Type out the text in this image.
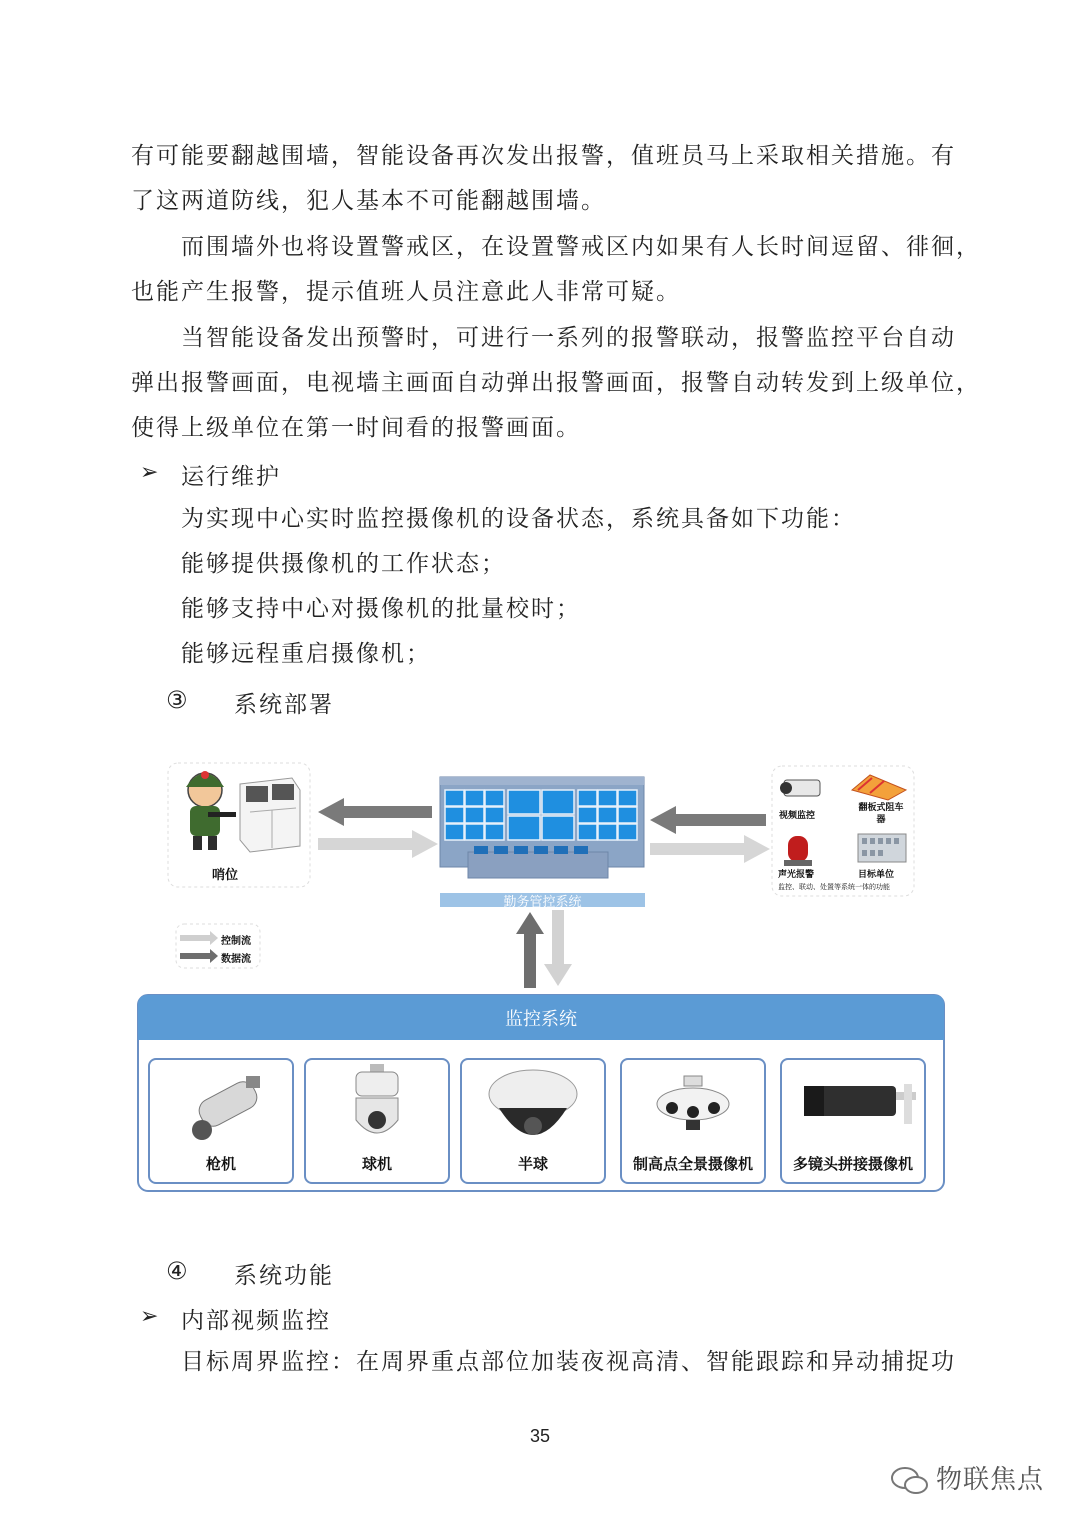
有可能要翻越围墙，智能设备再次发出报警，值班员马上采取相关措施。有

了这两道防线，犯人基本不可能翻越围墙。

而围墙外也将设置警戒区，在设置警戒区内如果有人长时间逗留、徘徊，

也能产生报警，提示值班人员注意此人非常可疑。

当智能设备发出预警时，可进行一系列的报警联动，报警监控平台自动

弹出报警画面，电视墙主画面自动弹出报警画面，报警自动转发到上级单位，

使得上级单位在第一时间看的报警画面。

➢ 运行维护

为实现中心实时监控摄像机的设备状态，系统具备如下功能：

能够提供摄像机的工作状态；

能够支持中心对摄像机的批量校时；

能够远程重启摄像机；

③ 系统部署
哨位
勤务管控系统
视频监控
翻板式阻车器
声光报警	目标单位
监控、联动、处置等系统一体的功能
控制流
数据流
监控系统
枪机	球机	半球	制高点全景摄像机	多镜头拼接摄像机
④ 系统功能
➢ 内部视频监控

目标周界监控：在周界重点部位加装夜视高清、智能跟踪和异动捕捉功

35
物联焦点
